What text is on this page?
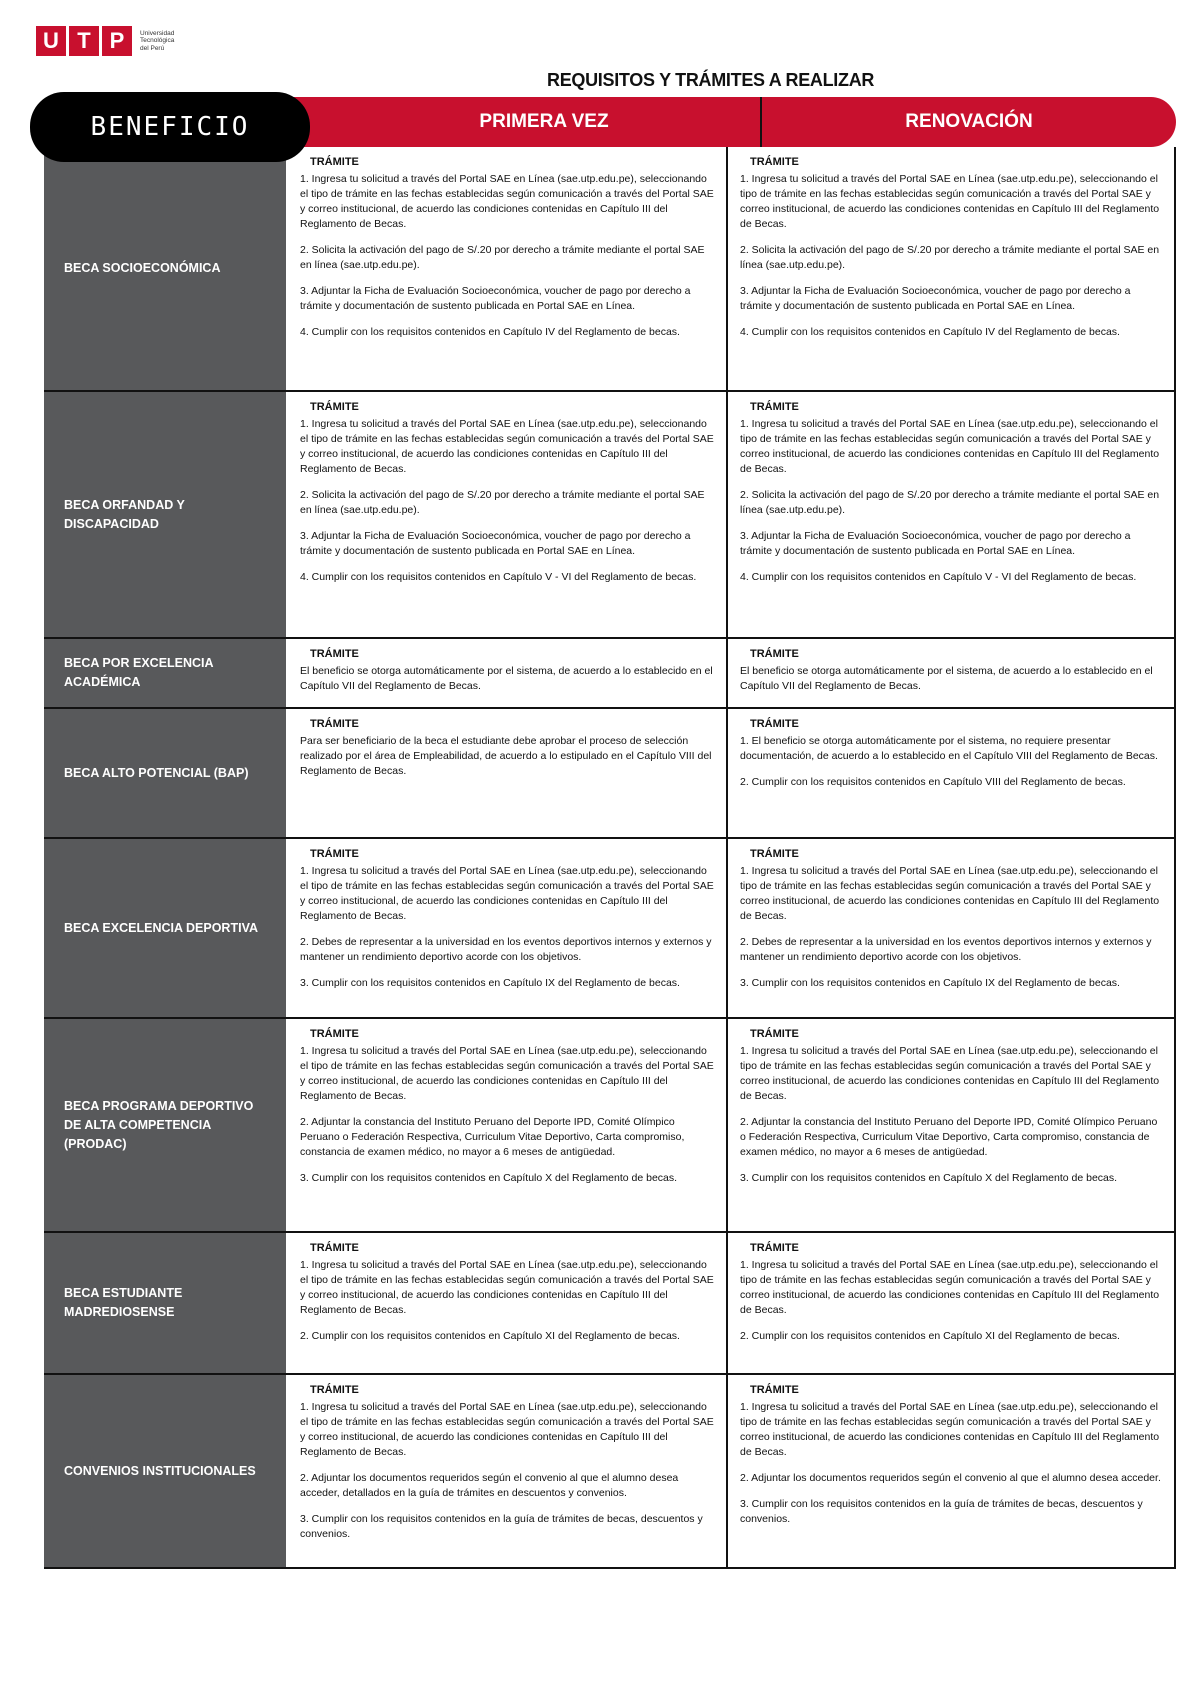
U T P	Universidad
Tecnológica
del Perú
REQUISITOS Y TRÁMITES A REALIZAR
BENEFICIO	PRIMERA VEZ	RENOVACIÓN
BECA SOCIOECONÓMICA
TRÁMITE
1. Ingresa tu solicitud a través del Portal SAE en Línea (sae.utp.edu.pe), seleccionando el tipo de trámite en las fechas establecidas según comunicación a través del Portal SAE y correo institucional, de acuerdo las condiciones contenidas en Capítulo III del Reglamento de Becas.
2. Solicita la activación del pago de S/.20 por derecho a trámite mediante el portal SAE en línea (sae.utp.edu.pe).
3. Adjuntar la Ficha de Evaluación Socioeconómica, voucher de pago por derecho a trámite y documentación de sustento publicada en Portal SAE en Línea.
4. Cumplir con los requisitos contenidos en Capítulo IV del Reglamento de becas.
TRÁMITE
1. Ingresa tu solicitud a través del Portal SAE en Línea (sae.utp.edu.pe), seleccionando el tipo de trámite en las fechas establecidas según comunicación a través del Portal SAE y correo institucional, de acuerdo las condiciones contenidas en Capítulo III del Reglamento de Becas.
2. Solicita la activación del pago de S/.20 por derecho a trámite mediante el portal SAE en línea (sae.utp.edu.pe).
3. Adjuntar la Ficha de Evaluación Socioeconómica, voucher de pago por derecho a trámite y documentación de sustento publicada en Portal SAE en Línea.
4. Cumplir con los requisitos contenidos en Capítulo IV del Reglamento de becas.
BECA ORFANDAD Y DISCAPACIDAD
TRÁMITE
1. Ingresa tu solicitud a través del Portal SAE en Línea (sae.utp.edu.pe), seleccionando el tipo de trámite en las fechas establecidas según comunicación a través del Portal SAE y correo institucional, de acuerdo las condiciones contenidas en Capítulo III del Reglamento de Becas.
2. Solicita la activación del pago de S/.20 por derecho a trámite mediante el portal SAE en línea (sae.utp.edu.pe).
3. Adjuntar la Ficha de Evaluación Socioeconómica, voucher de pago por derecho a trámite y documentación de sustento publicada en Portal SAE en Línea.
4. Cumplir con los requisitos contenidos en Capítulo V - VI del Reglamento de becas.
TRÁMITE
1. Ingresa tu solicitud a través del Portal SAE en Línea (sae.utp.edu.pe), seleccionando el tipo de trámite en las fechas establecidas según comunicación a través del Portal SAE y correo institucional, de acuerdo las condiciones contenidas en Capítulo III del Reglamento de Becas.
2. Solicita la activación del pago de S/.20 por derecho a trámite mediante el portal SAE en línea (sae.utp.edu.pe).
3. Adjuntar la Ficha de Evaluación Socioeconómica, voucher de pago por derecho a trámite y documentación de sustento publicada en Portal SAE en Línea.
4. Cumplir con los requisitos contenidos en Capítulo V - VI del Reglamento de becas.
BECA POR EXCELENCIA ACADÉMICA
TRÁMITE
El beneficio se otorga automáticamente por el sistema, de acuerdo a lo establecido en el Capítulo VII del Reglamento de Becas.
TRÁMITE
El beneficio se otorga automáticamente por el sistema, de acuerdo a lo establecido en el Capítulo VII del Reglamento de Becas.
BECA ALTO POTENCIAL (BAP)
TRÁMITE
Para ser beneficiario de la beca el estudiante debe aprobar el proceso de selección realizado por el área de Empleabilidad, de acuerdo a lo estipulado en el Capítulo VIII del Reglamento de Becas.
TRÁMITE
1. El beneficio se otorga automáticamente por el sistema, no requiere presentar documentación, de acuerdo a lo establecido en el Capítulo VIII del Reglamento de Becas.
2. Cumplir con los requisitos contenidos en Capítulo VIII del Reglamento de becas.
BECA EXCELENCIA DEPORTIVA
TRÁMITE
1. Ingresa tu solicitud a través del Portal SAE en Línea (sae.utp.edu.pe), seleccionando el tipo de trámite en las fechas establecidas según comunicación a través del Portal SAE y correo institucional, de acuerdo las condiciones contenidas en Capítulo III del Reglamento de Becas.
2. Debes de representar a la universidad en los eventos deportivos internos y externos y mantener un rendimiento deportivo acorde con los objetivos.
3. Cumplir con los requisitos contenidos en Capítulo IX del Reglamento de becas.
TRÁMITE
1. Ingresa tu solicitud a través del Portal SAE en Línea (sae.utp.edu.pe), seleccionando el tipo de trámite en las fechas establecidas según comunicación a través del Portal SAE y correo institucional, de acuerdo las condiciones contenidas en Capítulo III del Reglamento de Becas.
2. Debes de representar a la universidad en los eventos deportivos internos y externos y mantener un rendimiento deportivo acorde con los objetivos.
3. Cumplir con los requisitos contenidos en Capítulo IX del Reglamento de becas.
BECA PROGRAMA DEPORTIVO DE ALTA COMPETENCIA (PRODAC)
TRÁMITE
1. Ingresa tu solicitud a través del Portal SAE en Línea (sae.utp.edu.pe), seleccionando el tipo de trámite en las fechas establecidas según comunicación a través del Portal SAE y correo institucional, de acuerdo las condiciones contenidas en Capítulo III del Reglamento de Becas.
2. Adjuntar la constancia del Instituto Peruano del Deporte IPD, Comité Olímpico Peruano o Federación Respectiva, Curriculum Vitae Deportivo, Carta compromiso, constancia de examen médico, no mayor a 6 meses de antigüedad.
3. Cumplir con los requisitos contenidos en Capítulo X del Reglamento de becas.
TRÁMITE
1. Ingresa tu solicitud a través del Portal SAE en Línea (sae.utp.edu.pe), seleccionando el tipo de trámite en las fechas establecidas según comunicación a través del Portal SAE y correo institucional, de acuerdo las condiciones contenidas en Capítulo III del Reglamento de Becas.
2. Adjuntar la constancia del Instituto Peruano del Deporte IPD, Comité Olímpico Peruano o Federación Respectiva, Curriculum Vitae Deportivo, Carta compromiso, constancia de examen médico, no mayor a 6 meses de antigüedad.
3. Cumplir con los requisitos contenidos en Capítulo X del Reglamento de becas.
BECA ESTUDIANTE MADREDIOSENSE
TRÁMITE
1. Ingresa tu solicitud a través del Portal SAE en Línea (sae.utp.edu.pe), seleccionando el tipo de trámite en las fechas establecidas según comunicación a través del Portal SAE y correo institucional, de acuerdo las condiciones contenidas en Capítulo III del Reglamento de Becas.
2. Cumplir con los requisitos contenidos en Capítulo XI del Reglamento de becas.
TRÁMITE
1. Ingresa tu solicitud a través del Portal SAE en Línea (sae.utp.edu.pe), seleccionando el tipo de trámite en las fechas establecidas según comunicación a través del Portal SAE y correo institucional, de acuerdo las condiciones contenidas en Capítulo III del Reglamento de Becas.
2. Cumplir con los requisitos contenidos en Capítulo XI del Reglamento de becas.
CONVENIOS INSTITUCIONALES
TRÁMITE
1. Ingresa tu solicitud a través del Portal SAE en Línea (sae.utp.edu.pe), seleccionando el tipo de trámite en las fechas establecidas según comunicación a través del Portal SAE y correo institucional, de acuerdo las condiciones contenidas en Capítulo III del Reglamento de Becas.
2. Adjuntar los documentos requeridos según el convenio al que el alumno desea acceder, detallados en la guía de trámites en descuentos y convenios.
3. Cumplir con los requisitos contenidos en la guía de trámites de becas, descuentos y convenios.
TRÁMITE
1. Ingresa tu solicitud a través del Portal SAE en Línea (sae.utp.edu.pe), seleccionando el tipo de trámite en las fechas establecidas según comunicación a través del Portal SAE y correo institucional, de acuerdo las condiciones contenidas en Capítulo III del Reglamento de Becas.
2. Adjuntar los documentos requeridos según el convenio al que el alumno desea acceder.
3. Cumplir con los requisitos contenidos en la guía de trámites de becas, descuentos y convenios.
